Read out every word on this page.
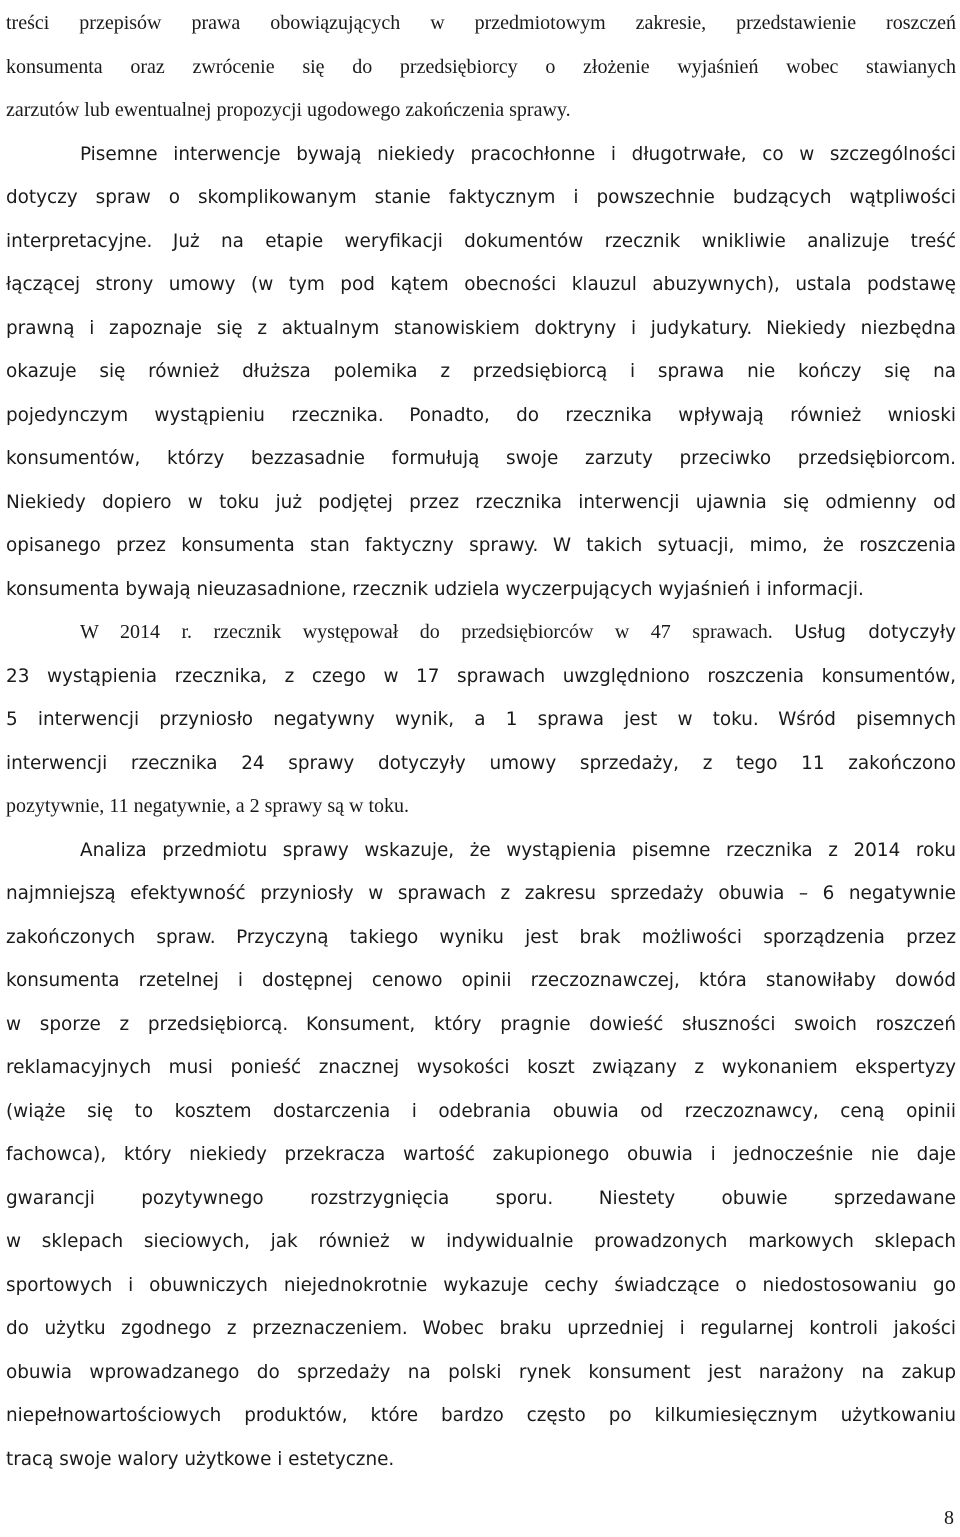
treści przepisów prawa obowiązujących w przedmiotowym zakresie, przedstawienie roszczeń
konsumenta oraz zwrócenie się do przedsiębiorcy o złożenie wyjaśnień wobec stawianych
zarzutów lub ewentualnej propozycji ugodowego zakończenia sprawy.
Pisemne interwencje bywają niekiedy pracochłonne i długotrwałe, co w szczególności
dotyczy spraw o skomplikowanym stanie faktycznym i powszechnie budzących wątpliwości
interpretacyjne. Już na etapie weryfikacji dokumentów rzecznik wnikliwie analizuje treść
łączącej strony umowy (w tym pod kątem obecności klauzul abuzywnych), ustala podstawę
prawną i zapoznaje się z aktualnym stanowiskiem doktryny i judykatury. Niekiedy niezbędna
okazuje się również dłuższa polemika z przedsiębiorcą i sprawa nie kończy się na
pojedynczym wystąpieniu rzecznika. Ponadto, do rzecznika wpływają również wnioski
konsumentów, którzy bezzasadnie formułują swoje zarzuty przeciwko przedsiębiorcom.
Niekiedy dopiero w toku już podjętej przez rzecznika interwencji ujawnia się odmienny od
opisanego przez konsumenta stan faktyczny sprawy. W takich sytuacji, mimo, że roszczenia
konsumenta bywają nieuzasadnione, rzecznik udziela wyczerpujących wyjaśnień i informacji.
W 2014 r. rzecznik występował do przedsiębiorców w 47 sprawach. Usług dotyczyły
23 wystąpienia rzecznika, z czego w 17 sprawach uwzględniono roszczenia konsumentów,
5 interwencji przyniosło negatywny wynik, a 1 sprawa jest w toku. Wśród pisemnych
interwencji rzecznika 24 sprawy dotyczyły umowy sprzedaży, z tego 11 zakończono
pozytywnie, 11 negatywnie, a 2 sprawy są w toku.
Analiza przedmiotu sprawy wskazuje, że wystąpienia pisemne rzecznika z 2014 roku
najmniejszą efektywność przyniosły w sprawach z zakresu sprzedaży obuwia – 6 negatywnie
zakończonych spraw. Przyczyną takiego wyniku jest brak możliwości sporządzenia przez
konsumenta rzetelnej i dostępnej cenowo opinii rzeczoznawczej, która stanowiłaby dowód
w sporze z przedsiębiorcą. Konsument, który pragnie dowieść słuszności swoich roszczeń
reklamacyjnych musi ponieść znacznej wysokości koszt związany z wykonaniem ekspertyzy
(wiąże się to kosztem dostarczenia i odebrania obuwia od rzeczoznawcy, ceną opinii
fachowca), który niekiedy przekracza wartość zakupionego obuwia i jednocześnie nie daje
gwarancji pozytywnego rozstrzygnięcia sporu. Niestety obuwie sprzedawane
w sklepach sieciowych, jak również w indywidualnie prowadzonych markowych sklepach
sportowych i obuwniczych niejednokrotnie wykazuje cechy świadczące o niedostosowaniu go
do użytku zgodnego z przeznaczeniem. Wobec braku uprzedniej i regularnej kontroli jakości
obuwia wprowadzanego do sprzedaży na polski rynek konsument jest narażony na zakup
niepełnowartościowych produktów, które bardzo często po kilkumiesięcznym użytkowaniu
tracą swoje walory użytkowe i estetyczne.
8
